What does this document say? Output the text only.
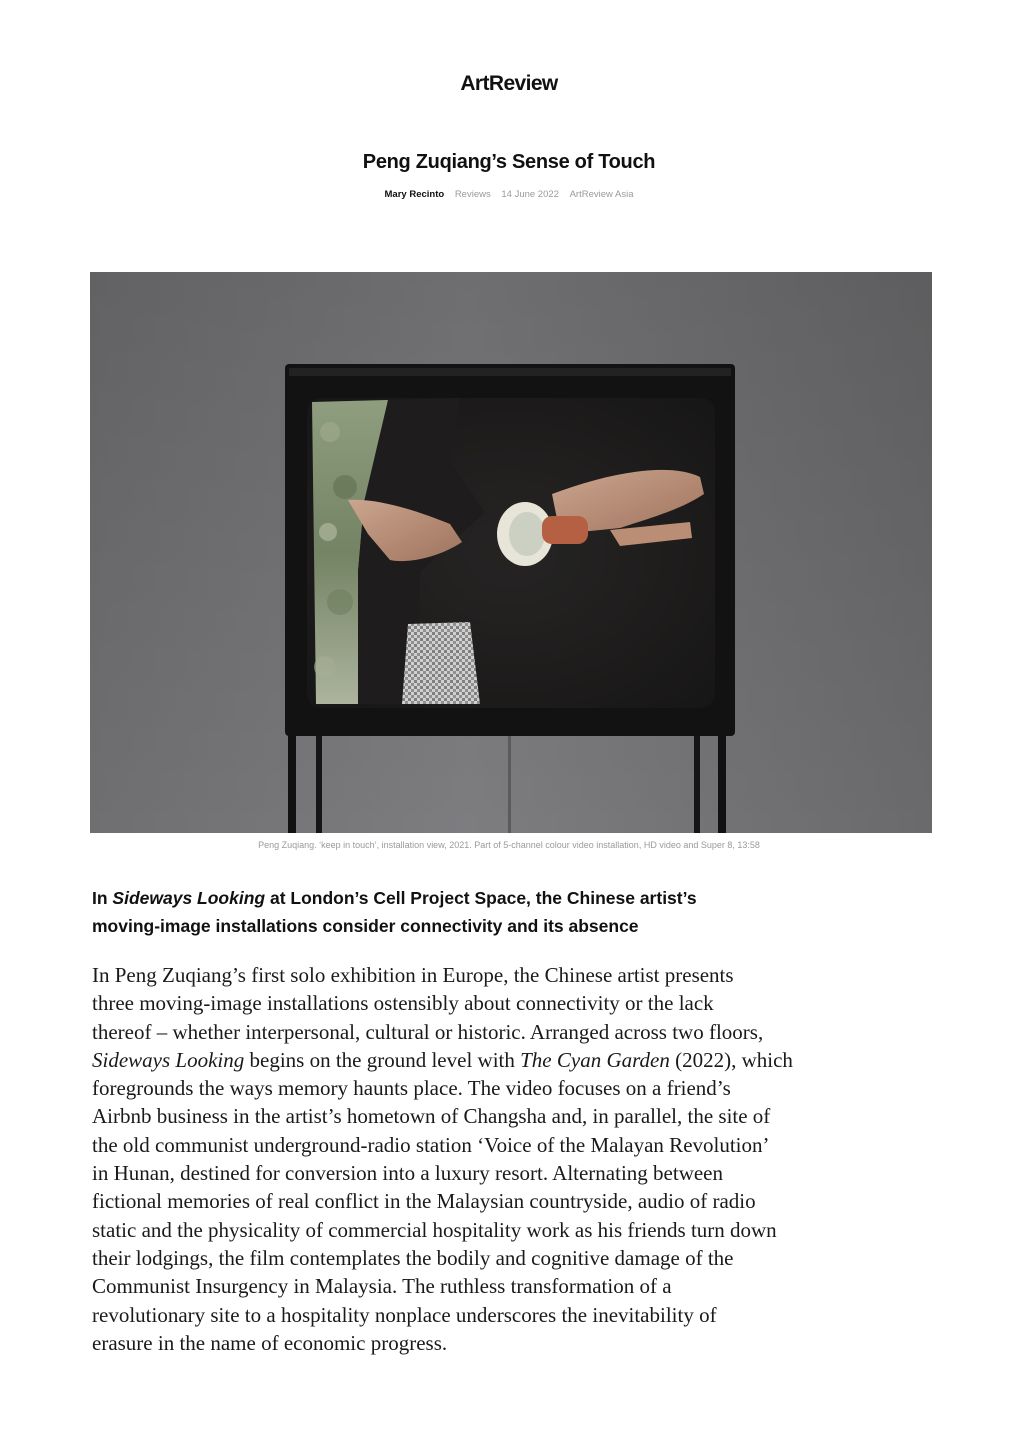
ArtReview
Peng Zuqiang’s Sense of Touch
Mary Recinto Reviews 14 June 2022 ArtReview Asia
Peng Zuqiang. ‘keep in touch’, installation view, 2021. Part of 5-channel colour video installation, HD video and Super 8, 13:58

In Sideways Looking at London’s Cell Project Space, the Chinese artist’s
moving-image installations consider connectivity and its absence

In Peng Zuqiang’s first solo exhibition in Europe, the Chinese artist presents
three moving-image installations ostensibly about connectivity or the lack
thereof – whether interpersonal, cultural or historic. Arranged across two floors,
Sideways Looking begins on the ground level with The Cyan Garden (2022), which
foregrounds the ways memory haunts place. The video focuses on a friend’s
Airbnb business in the artist’s hometown of Changsha and, in parallel, the site of
the old communist underground-radio station ‘Voice of the Malayan Revolution’
in Hunan, destined for conversion into a luxury resort. Alternating between
fictional memories of real conflict in the Malaysian countryside, audio of radio
static and the physicality of commercial hospitality work as his friends turn down
their lodgings, the film contemplates the bodily and cognitive damage of the
Communist Insurgency in Malaysia. The ruthless transformation of a
revolutionary site to a hospitality nonplace underscores the inevitability of
erasure in the name of economic progress.
